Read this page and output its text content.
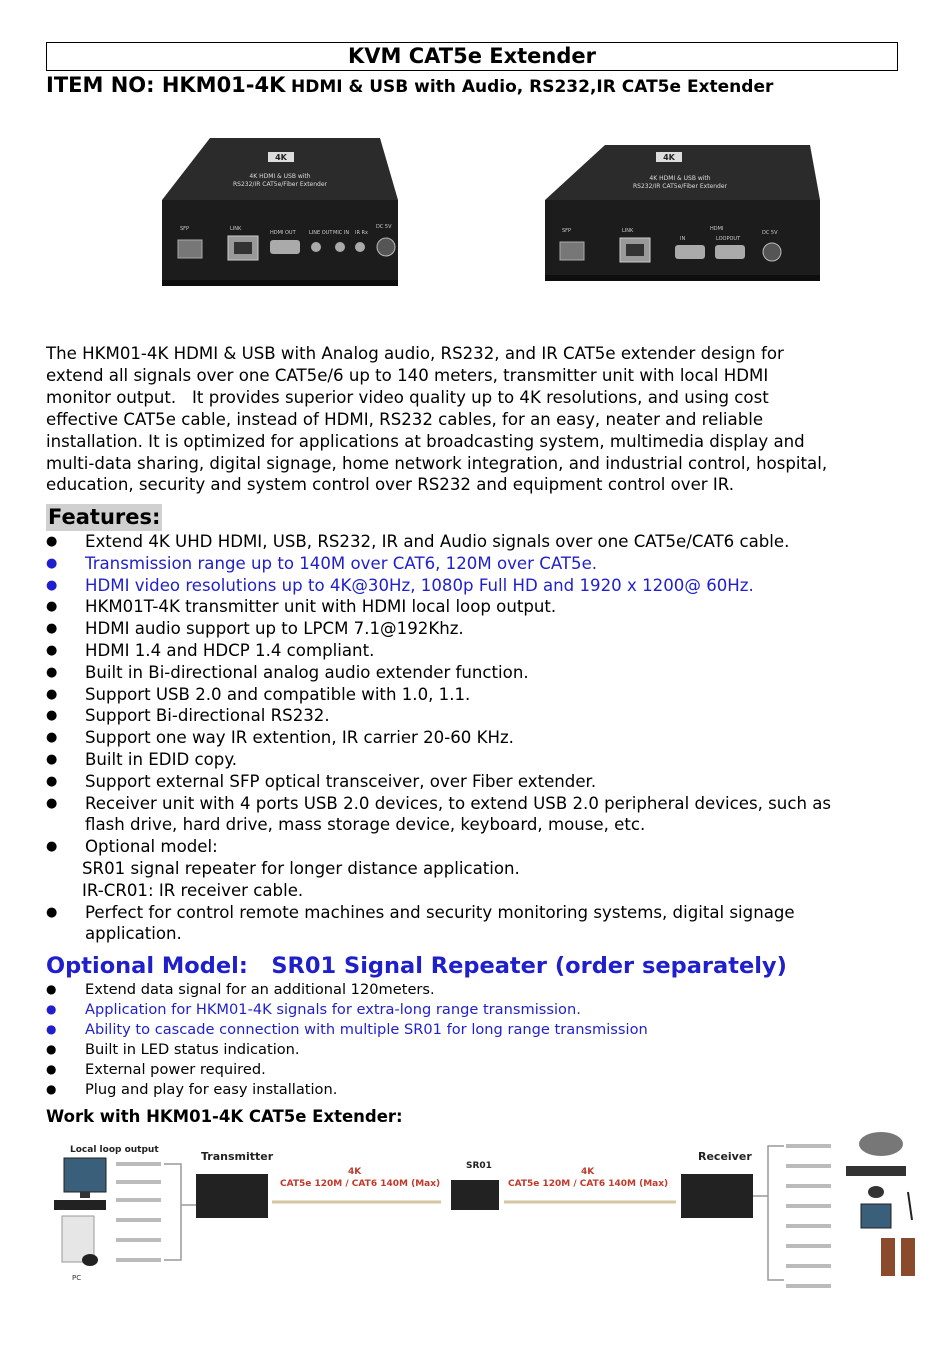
KVM CAT5e Extender
ITEM NO: HKM01-4K HDMI & USB with Audio, RS232,IR CAT5e Extender
4K
4K HDMI & USB with
RS232/IR CAT5e/Fiber Extender
SFP	LINK
HDMI OUT	LINE OUT MIC IN IR Rx
DC 5V
4K
4K HDMI & USB with
RS232/IR CAT5e/Fiber Extender
SFP	LINK	HDMI
IN	LOOPOUT
DC 5V
The HKM01-4K HDMI & USB with Analog audio, RS232, and IR CAT5e extender design for
extend all signals over one CAT5e/6 up to 140 meters, transmitter unit with local HDMI
monitor output.   It provides superior video quality up to 4K resolutions, and using cost
effective CAT5e cable, instead of HDMI, RS232 cables, for an easy, neater and reliable
installation. It is optimized for applications at broadcasting system, multimedia display and
multi-data sharing, digital signage, home network integration, and industrial control, hospital,
education, security and system control over RS232 and equipment control over IR.
Features:
● Extend 4K UHD HDMI, USB, RS232, IR and Audio signals over one CAT5e/CAT6 cable.
● Transmission range up to 140M over CAT6, 120M over CAT5e.
● HDMI video resolutions up to 4K@30Hz, 1080p Full HD and 1920 x 1200@ 60Hz.
● HKM01T-4K transmitter unit with HDMI local loop output.
● HDMI audio support up to LPCM 7.1@192Khz.
● HDMI 1.4 and HDCP 1.4 compliant.
● Built in Bi-directional analog audio extender function.
● Support USB 2.0 and compatible with 1.0, 1.1.
● Support Bi-directional RS232.
● Support one way IR extention, IR carrier 20-60 KHz.
● Built in EDID copy.
● Support external SFP optical transceiver, over Fiber extender.
● Receiver unit with 4 ports USB 2.0 devices, to extend USB 2.0 peripheral devices, such as
flash drive, hard drive, mass storage device, keyboard, mouse, etc.
● Optional model:
SR01 signal repeater for longer distance application.
IR-CR01: IR receiver cable.
● Perfect for control remote machines and security monitoring systems, digital signage
application.
Optional Model:   SR01 Signal Repeater (order separately)
● Extend data signal for an additional 120meters.
● Application for HKM01-4K signals for extra-long range transmission.
● Ability to cascade connection with multiple SR01 for long range transmission
● Built in LED status indication.
● External power required.
● Plug and play for easy installation.
Work with HKM01-4K CAT5e Extender:
Local loop output
PC
Transmitter
4K
CAT5e 120M / CAT6 140M (Max)
SR01
4K
CAT5e 120M / CAT6 140M (Max)
Receiver
